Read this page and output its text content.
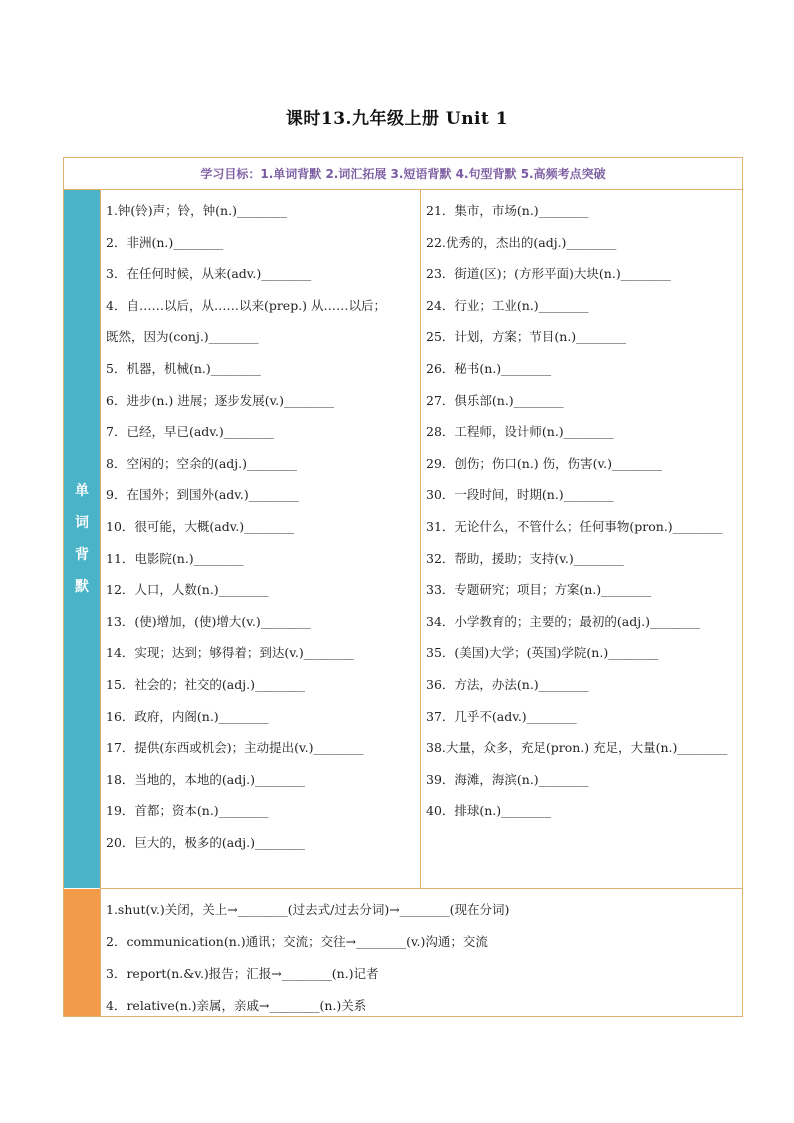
课时13.九年级上册 Unit 1
学习目标：1.单词背默 2.词汇拓展 3.短语背默 4.句型背默 5.高频考点突破
单
词
背
默
1.钟(铃)声；铃，钟(n.)________
2．非洲(n.)________
3．在任何时候，从来(adv.)________
4．自……以后，从……以来(prep.) 从……以后；
既然，因为(conj.)________
5．机器，机械(n.)________
6．进步(n.) 进展；逐步发展(v.)________
7．已经，早已(adv.)________
8．空闲的；空余的(adj.)________
9．在国外；到国外(adv.)________
10．很可能，大概(adv.)________
11．电影院(n.)________
12．人口，人数(n.)________
13．(使)增加，(使)增大(v.)________
14．实现；达到；够得着；到达(v.)________
15．社会的；社交的(adj.)________
16．政府，内阁(n.)________
17．提供(东西或机会)；主动提出(v.)________
18．当地的，本地的(adj.)________
19．首都；资本(n.)________
20．巨大的，极多的(adj.)________
21．集市，市场(n.)________
22.优秀的，杰出的(adj.)________
23．街道(区)；(方形平面)大块(n.)________
24．行业；工业(n.)________
25．计划，方案；节目(n.)________
26．秘书(n.)________
27．俱乐部(n.)________
28．工程师，设计师(n.)________
29．创伤；伤口(n.) 伤，伤害(v.)________
30．一段时间，时期(n.)________
31．无论什么，不管什么；任何事物(pron.)________
32．帮助，援助；支持(v.)________
33．专题研究；项目；方案(n.)________
34．小学教育的；主要的；最初的(adj.)________
35．(美国)大学；(英国)学院(n.)________
36．方法，办法(n.)________
37．几乎不(adv.)________
38.大量，众多，充足(pron.) 充足，大量(n.)________
39．海滩，海滨(n.)________
40．排球(n.)________
1.shut(v.)关闭，关上→________(过去式/过去分词)→________(现在分词)
2．communication(n.)通讯；交流；交往→________(v.)沟通；交流
3．report(n.&v.)报告；汇报→________(n.)记者
4．relative(n.)亲属，亲戚→________(n.)关系
